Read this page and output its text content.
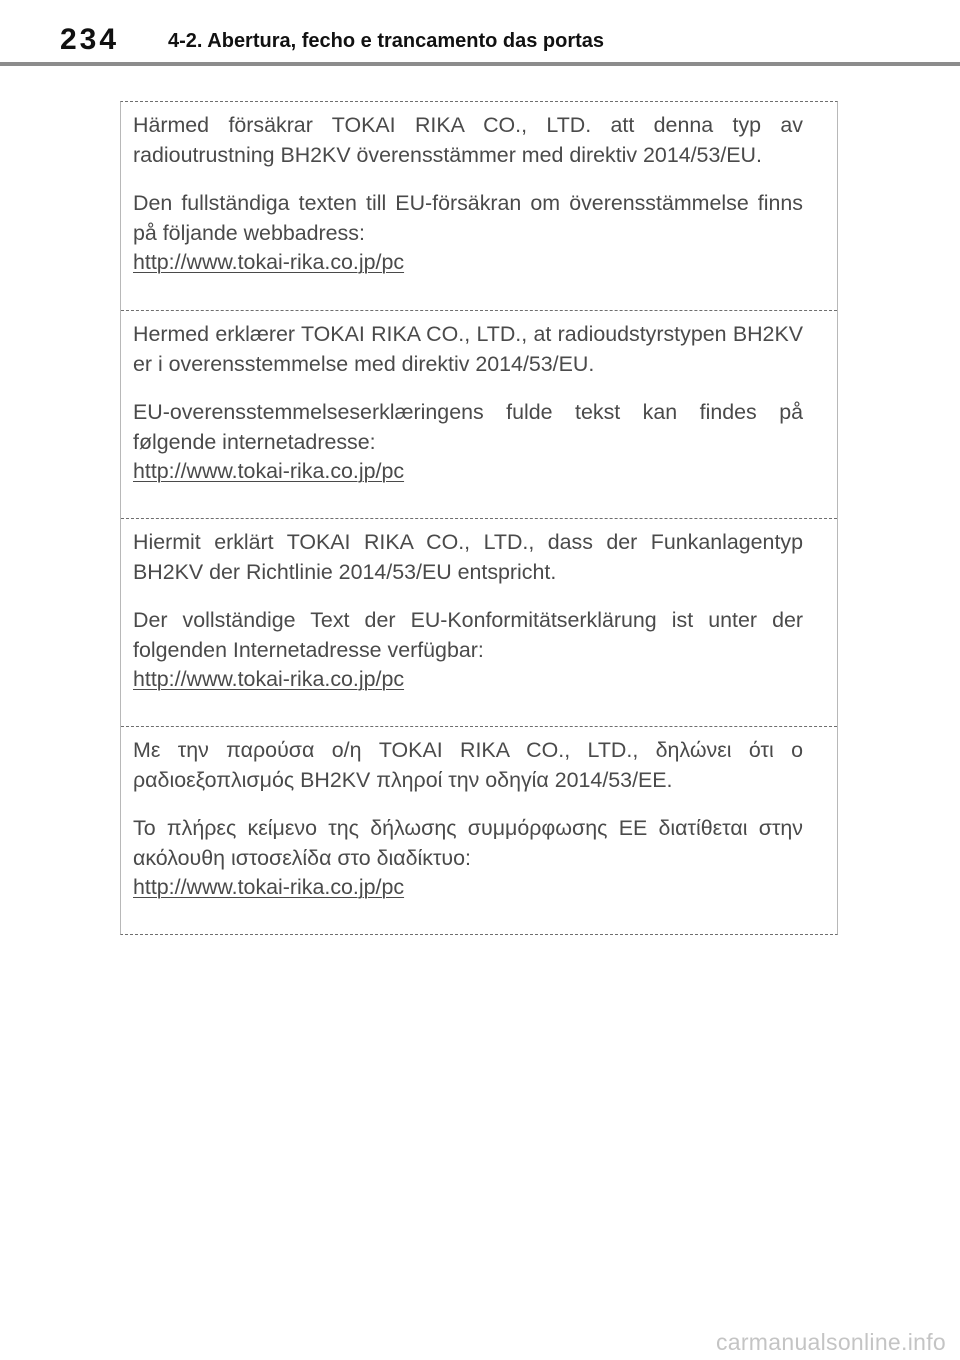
234 4-2. Abertura, fecho e trancamento das portas

Härmed försäkrar TOKAI RIKA CO., LTD. att denna typ av radioutrustning BH2KV överensstämmer med direktiv 2014/53/EU.

Den fullständiga texten till EU-försäkran om överensstämmelse finns på följande webbadress:

http://www.tokai-rika.co.jp/pc

Hermed erklærer TOKAI RIKA CO., LTD., at radioudstyrstypen BH2KV er i overensstemmelse med direktiv 2014/53/EU.

EU-overensstemmelseserklæringens fulde tekst kan findes på følgende internetadresse:

http://www.tokai-rika.co.jp/pc

Hiermit erklärt TOKAI RIKA CO., LTD., dass der Funkanlagentyp BH2KV der Richtlinie 2014/53/EU entspricht.

Der vollständige Text der EU-Konformitätserklärung ist unter der folgenden Internetadresse verfügbar:

http://www.tokai-rika.co.jp/pc

Με την παρούσα ο/η TOKAI RIKA CO., LTD., δηλώνει ότι ο ραδιοεξοπλισμός BH2KV πληροί την οδηγία 2014/53/ΕΕ.

Το πλήρες κείμενο της δήλωσης συμμόρφωσης ΕΕ διατίθεται στην ακόλουθη ιστοσελίδα στο διαδίκτυο:

http://www.tokai-rika.co.jp/pc
carmanualsonline.info
